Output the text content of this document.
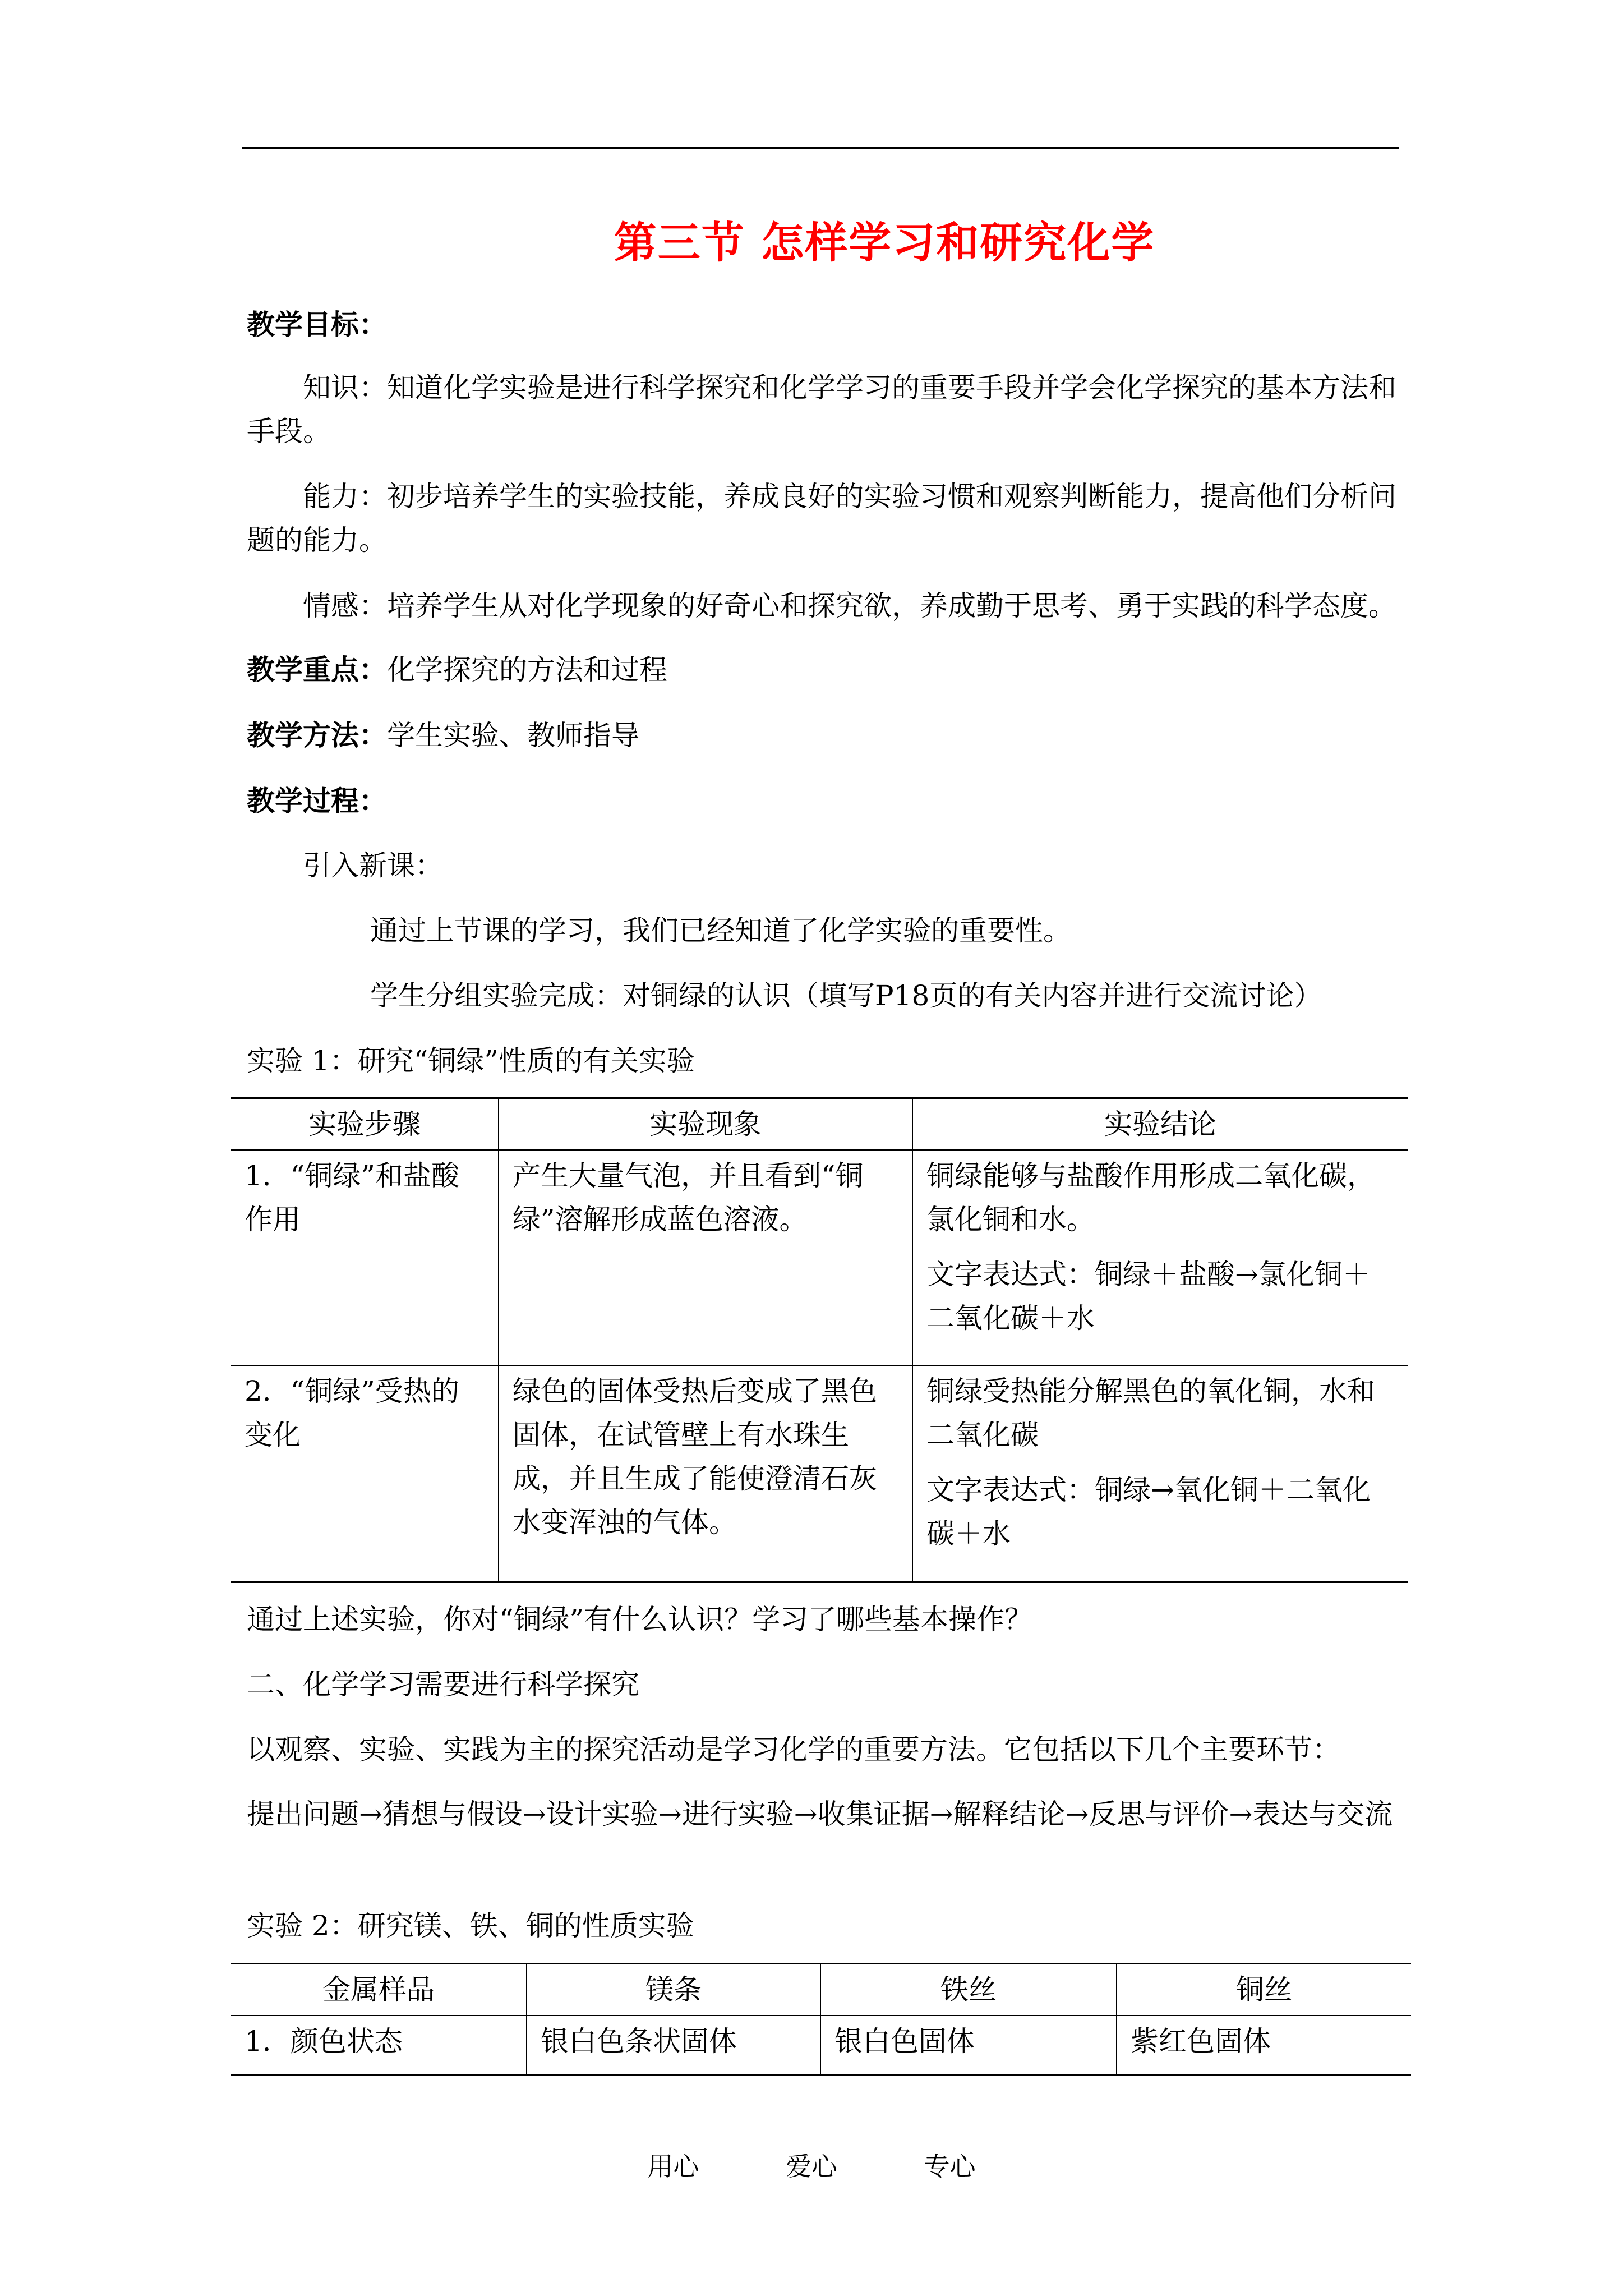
第三节 怎样学习和研究化学
教学目标：
知识：知道化学实验是进行科学探究和化学学习的重要手段并学会化学探究的基本方法和手段。
能力：初步培养学生的实验技能，养成良好的实验习惯和观察判断能力，提高他们分析问题的能力。
情感：培养学生从对化学现象的好奇心和探究欲，养成勤于思考、勇于实践的科学态度。
教学重点：化学探究的方法和过程
教学方法：学生实验、教师指导
教学过程：
引入新课：
通过上节课的学习，我们已经知道了化学实验的重要性。
学生分组实验完成：对铜绿的认识（填写P18页的有关内容并进行交流讨论）
实验 1：研究“铜绿”性质的有关实验
实验步骤	实验现象	实验结论
1．“铜绿”和盐酸作用	产生大量气泡，并且看到“铜绿”溶解形成蓝色溶液。	铜绿能够与盐酸作用形成二氧化碳，氯化铜和水。
文字表达式：铜绿＋盐酸→氯化铜＋二氧化碳＋水

2．“铜绿”受热的变化	绿色的固体受热后变成了黑色固体，在试管壁上有水珠生成，并且生成了能使澄清石灰水变浑浊的气体。	铜绿受热能分解黑色的氧化铜，水和二氧化碳
文字表达式：铜绿→氧化铜＋二氧化碳＋水
通过上述实验，你对“铜绿”有什么认识？学习了哪些基本操作？
二、化学学习需要进行科学探究
以观察、实验、实践为主的探究活动是学习化学的重要方法。它包括以下几个主要环节：
提出问题→猜想与假设→设计实验→进行实验→收集证据→解释结论→反思与评价→表达与交流
实验 2：研究镁、铁、铜的性质实验
金属样品	镁条	铁丝	铜丝
1．颜色状态	银白色条状固体	银白色固体	紫红色固体
用心	爱心	专心
